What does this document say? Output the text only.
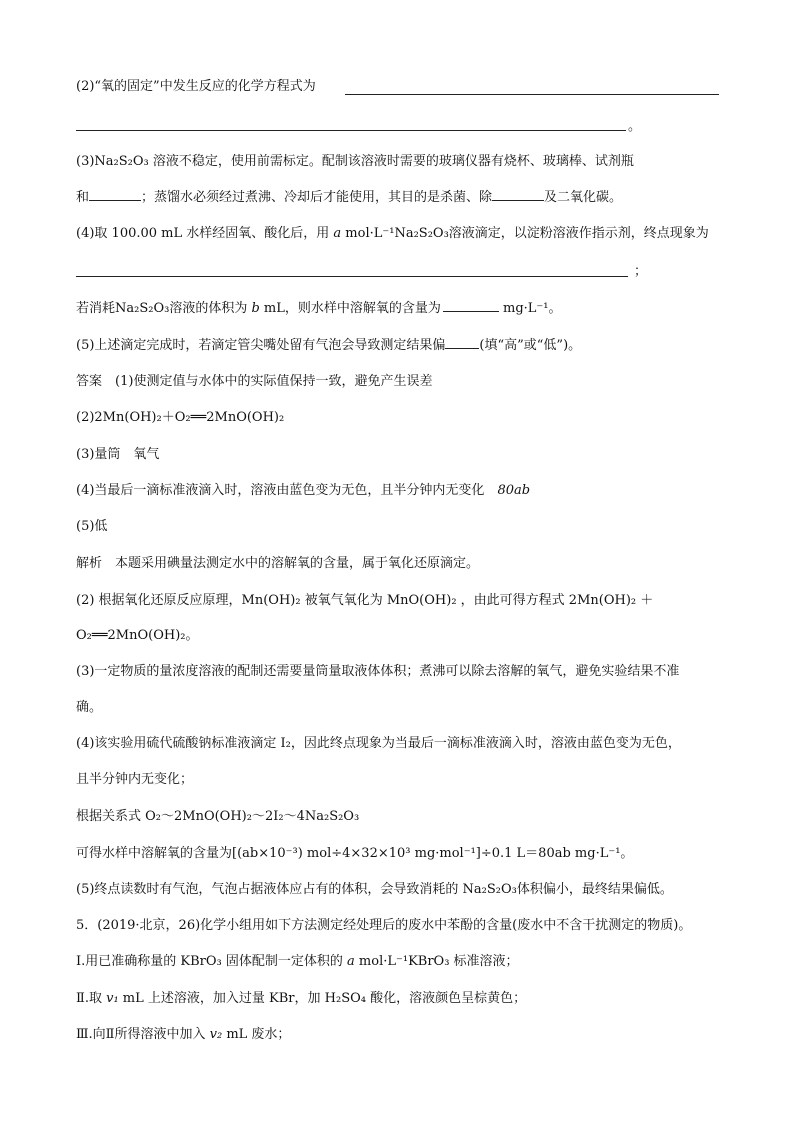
(2)“氧的固定”中发生反应的化学方程式为
。
(3)Na₂S₂O₃ 溶液不稳定，使用前需标定。配制该溶液时需要的玻璃仪器有烧杯、玻璃棒、试剂瓶
和	；蒸馏水必须经过煮沸、冷却后才能使用，其目的是杀菌、除	及二氧化碳。
(4)取 100.00 mL 水样经固氧、酸化后，用 a mol·L⁻¹Na₂S₂O₃溶液滴定，以淀粉溶液作指示剂，终点现象为
；
若消耗Na₂S₂O₃溶液的体积为 b mL，则水样中溶解氧的含量为	mg·L⁻¹。
(5)上述滴定完成时，若滴定管尖嘴处留有气泡会导致测定结果偏	(填“高”或“低”)。
答案　 (1)使测定值与水体中的实际值保持一致，避免产生误差
(2)2Mn(OH)₂＋O₂══2MnO(OH)₂
(3)量筒　氧气
(4)当最后一滴标准液滴入时，溶液由蓝色变为无色，且半分钟内无变化　 80ab
(5)低
解析　 本题采用碘量法测定水中的溶解氧的含量，属于氧化还原滴定。
(2) 根据氧化还原反应原理，Mn(OH)₂ 被氧气氧化为 MnO(OH)₂ ，由此可得方程式 2Mn(OH)₂ ＋
O₂══2MnO(OH)₂。
(3)一定物质的量浓度溶液的配制还需要量筒量取液体体积；煮沸可以除去溶解的氧气，避免实验结果不准
确。
(4)该实验用硫代硫酸钠标准液滴定 I₂，因此终点现象为当最后一滴标准液滴入时，溶液由蓝色变为无色，
且半分钟内无变化；
根据关系式 O₂～2MnO(OH)₂～2I₂～4Na₂S₂O₃
可得水样中溶解氧的含量为[(ab×10⁻³) mol÷4×32×10³ mg·mol⁻¹]÷0.1 L＝80ab mg·L⁻¹。
(5)终点读数时有气泡，气泡占据液体应占有的体积，会导致消耗的 Na₂S₂O₃体积偏小，最终结果偏低。
5．(2019·北京，26)化学小组用如下方法测定经处理后的废水中苯酚的含量(废水中不含干扰测定的物质)。
Ⅰ.用已准确称量的 KBrO₃ 固体配制一定体积的 a mol·L⁻¹KBrO₃ 标准溶液；
Ⅱ.取 v₁ mL 上述溶液，加入过量 KBr，加 H₂SO₄ 酸化，溶液颜色呈棕黄色；
Ⅲ.向Ⅱ所得溶液中加入 v₂ mL 废水；
